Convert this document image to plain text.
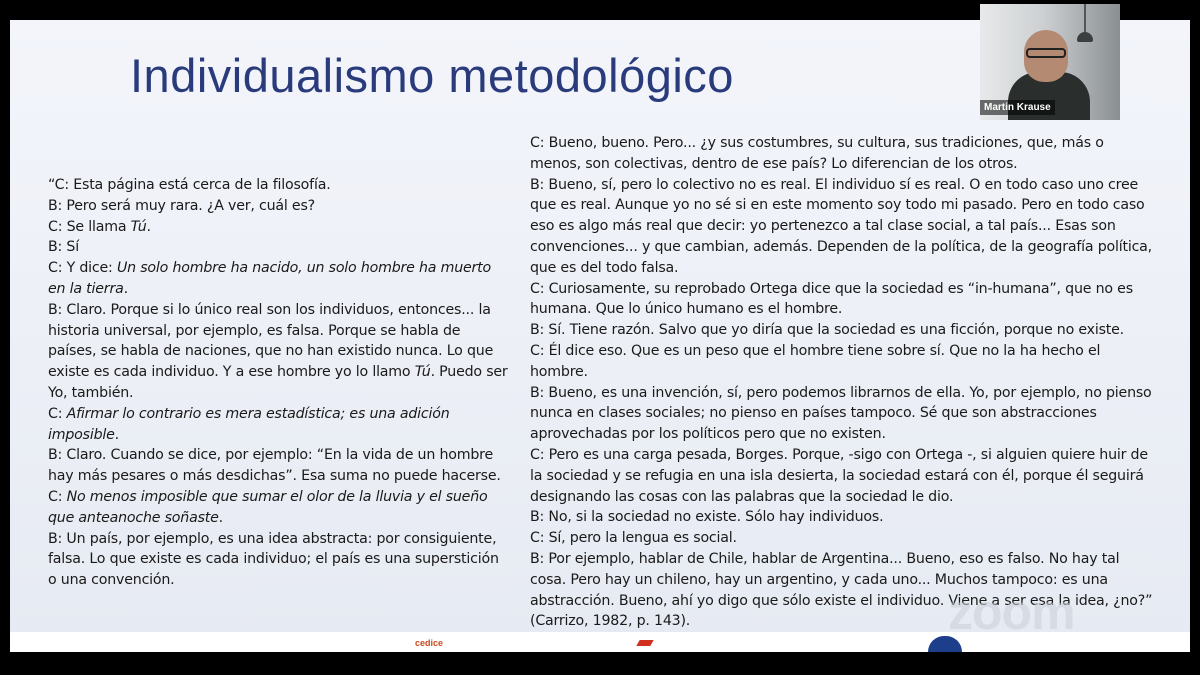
Individualismo metodológico

“C: Esta página está cerca de la filosofía.

B: Pero será muy rara. ¿A ver, cuál es?

C: Se llama Tú.

B: Sí

C: Y dice: Un solo hombre ha nacido, un solo hombre ha muerto en la tierra.

B: Claro. Porque si lo único real son los individuos, entonces... la historia universal, por ejemplo, es falsa. Porque se habla de países, se habla de naciones, que no han existido nunca. Lo que existe es cada individuo. Y a ese hombre yo lo llamo Tú. Puedo ser Yo, también.

C: Afirmar lo contrario es mera estadística; es una adición imposible.

B: Claro. Cuando se dice, por ejemplo: “En la vida de un hombre hay más pesares o más desdichas”. Esa suma no puede hacerse.

C: No menos imposible que sumar el olor de la lluvia y el sueño que anteanoche soñaste.

B: Un país, por ejemplo, es una idea abstracta: por consiguiente, falsa. Lo que existe es cada individuo; el país es una superstición o una convención.

C: Bueno, bueno. Pero... ¿y sus costumbres, su cultura, sus tradiciones, que, más o menos, son colectivas, dentro de ese país? Lo diferencian de los otros.

B: Bueno, sí, pero lo colectivo no es real. El individuo sí es real. O en todo caso uno cree que es real. Aunque yo no sé si en este momento soy todo mi pasado. Pero en todo caso eso es algo más real que decir: yo pertenezco a tal clase social, a tal país... Esas son convenciones... y que cambian, además. Dependen de la política, de la geografía política, que es del todo falsa.

C: Curiosamente, su reprobado Ortega dice que la sociedad es “in-humana”, que no es humana. Que lo único humano es el hombre.

B: Sí. Tiene razón. Salvo que yo diría que la sociedad es una ficción, porque no existe.

C: Él dice eso. Que es un peso que el hombre tiene sobre sí. Que no la ha hecho el hombre.

B: Bueno, es una invención, sí, pero podemos librarnos de ella. Yo, por ejemplo, no pienso nunca en clases sociales; no pienso en países tampoco. Sé que son abstracciones aprovechadas por los políticos pero que no existen.

C: Pero es una carga pesada, Borges. Porque, -sigo con Ortega -, si alguien quiere huir de la sociedad y se refugia en una isla desierta, la sociedad estará con él, porque él seguirá designando las cosas con las palabras que la sociedad le dio.

B: No, si la sociedad no existe. Sólo hay individuos.

C: Sí, pero la lengua es social.

B: Por ejemplo, hablar de Chile, hablar de Argentina... Bueno, eso es falso. No hay tal cosa. Pero hay un chileno, hay un argentino, y cada uno... Muchos tampoco: es una abstracción. Bueno, ahí yo digo que sólo existe el individuo. Viene a ser esa la idea, ¿no?” (Carrizo, 1982, p. 143).

cedice
zoom
Martin Krause
